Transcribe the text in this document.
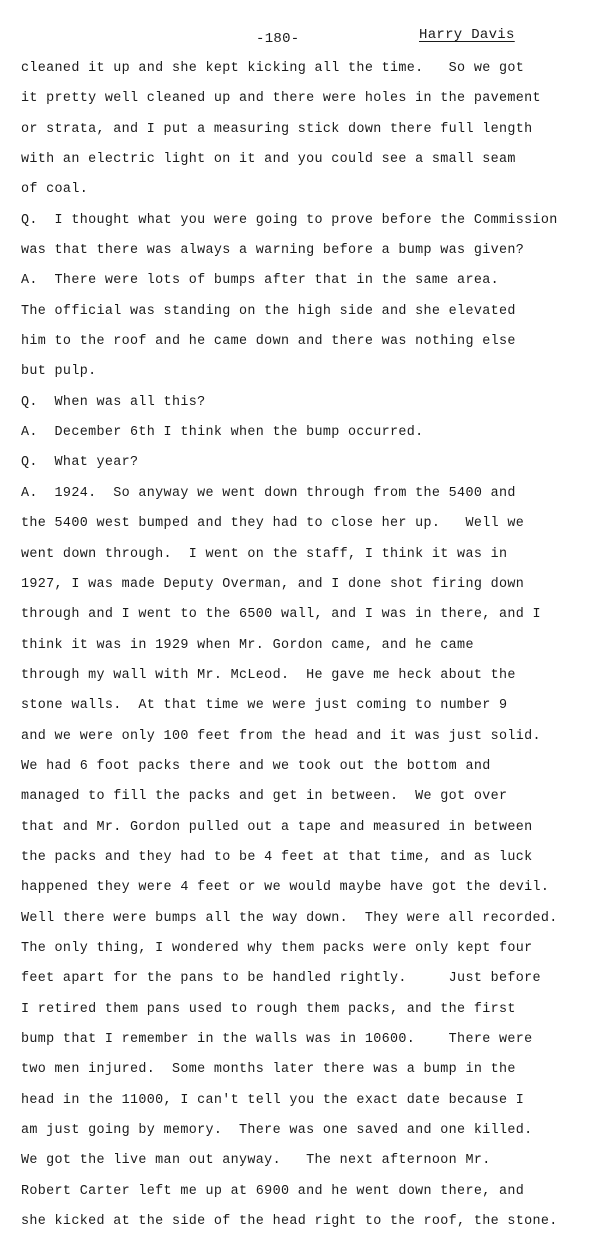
-180-	Harry Davis
cleaned it up and she kept kicking all the time.   So we got
it pretty well cleaned up and there were holes in the pavement
or strata, and I put a measuring stick down there full length
with an electric light on it and you could see a small seam
of coal.
Q.  I thought what you were going to prove before the Commission
was that there was always a warning before a bump was given?
A.  There were lots of bumps after that in the same area.
The official was standing on the high side and she elevated
him to the roof and he came down and there was nothing else
but pulp.
Q.  When was all this?
A.  December 6th I think when the bump occurred.
Q.  What year?
A.  1924.  So anyway we went down through from the 5400 and
the 5400 west bumped and they had to close her up.   Well we
went down through.  I went on the staff, I think it was in
1927, I was made Deputy Overman, and I done shot firing down
through and I went to the 6500 wall, and I was in there, and I
think it was in 1929 when Mr. Gordon came, and he came
through my wall with Mr. McLeod.  He gave me heck about the
stone walls.  At that time we were just coming to number 9
and we were only 100 feet from the head and it was just solid.
We had 6 foot packs there and we took out the bottom and
managed to fill the packs and get in between.  We got over
that and Mr. Gordon pulled out a tape and measured in between
the packs and they had to be 4 feet at that time, and as luck
happened they were 4 feet or we would maybe have got the devil.
Well there were bumps all the way down.  They were all recorded.
The only thing, I wondered why them packs were only kept four
feet apart for the pans to be handled rightly.     Just before
I retired them pans used to rough them packs, and the first
bump that I remember in the walls was in 10600.    There were
two men injured.  Some months later there was a bump in the
head in the 11000, I can't tell you the exact date because I
am just going by memory.  There was one saved and one killed.
We got the live man out anyway.   The next afternoon Mr.
Robert Carter left me up at 6900 and he went down there, and
she kicked at the side of the head right to the roof, the stone.
